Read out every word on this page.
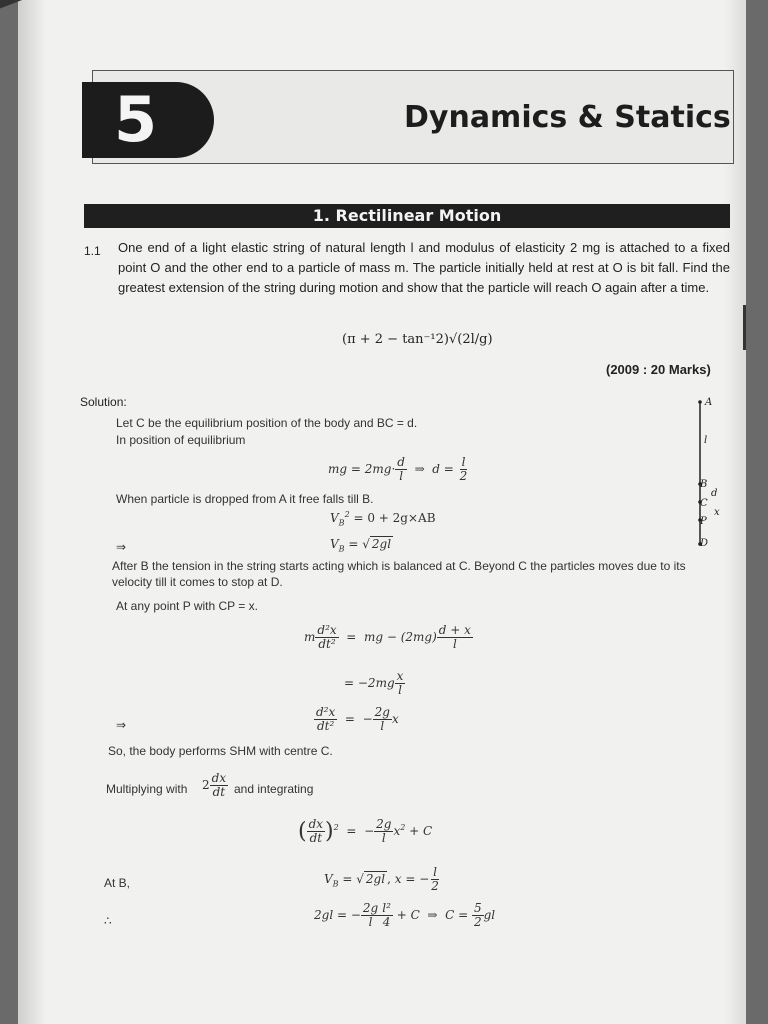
5	Dynamics & Statics
1. Rectilinear Motion
1.1 One end of a light elastic string of natural length l and modulus of elasticity 2 mg is attached to a fixed point O and the other end to a particle of mass m. The particle initially held at rest at O is bit fall. Find the greatest extension of the string during motion and show that the particle will reach O again after a time.
(π + 2 − tan⁻¹2)√(2l/g)
(2009 : 20 Marks)
Solution:
Let C be the equilibrium position of the body and BC = d.
In position of equilibrium
mg = $2mg\cdot \frac{d}{l}$ ⇒  $d = \frac{l}{2}$
When particle is dropped from A it free falls till B.
$V_B^2 = 0 + 2g\times AB$
⇒	$V_B$ = √ 2gl
After B the tension in the string starts acting which is balanced at C. Beyond C the particles moves due to its velocity till it comes to stop at D.
At any point P with CP = x.
m $\frac{\text{d²x}}{\text{dt²}}$ =  mg − $(2mg) \frac{d + x}{l}$
= $-2mg \frac{x}{l}$
⇒	$\frac{\text{d²x}}{\text{dt²}}$ =  − $\frac{2g}{l}$ x
So, the body performs SHM with centre C.
Multiplying with $2 \frac{dx}{dt}$ and integrating
( $\frac{dx}{dt} )^2$  =  − $\frac{2g}{l} x^2 + C$
At B,	$V_B$ = √ 2gl , x = − $\frac{l}{2}$
∴	2gl = − $\frac{2g}{l} \frac{\text{l²}}{4} + C$  ⇒  $C = \frac{5}{2}$ gl
A
l
B
d
C
x
P
D
